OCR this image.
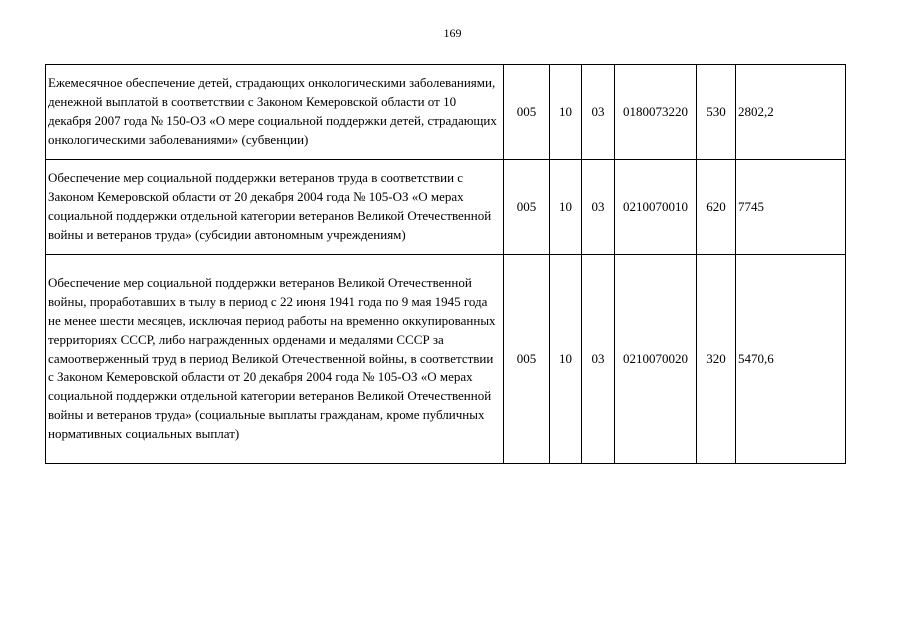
169
Ежемесячное обеспечение детей, страдающих онкологическими заболеваниями, денежной выплатой в соответствии с Законом Кемеровской области от 10 декабря 2007 года № 150-ОЗ «О мере социальной поддержки детей, страдающих онкологическими заболеваниями» (субвенции)	005	10	03	0180073220	530	2802,2
Обеспечение мер социальной поддержки ветеранов труда в соответствии с Законом Кемеровской области от 20 декабря 2004 года № 105-ОЗ «О мерах социальной поддержки отдельной категории ветеранов Великой Отечественной войны и ветеранов труда» (субсидии автономным учреждениям)	005	10	03	0210070010	620	7745
Обеспечение мер социальной поддержки ветеранов Великой Отечественной войны, проработавших в тылу в период с 22 июня 1941 года по 9 мая 1945 года не менее шести месяцев, исключая период работы на временно оккупированных территориях СССР, либо награжденных орденами и медалями СССР за самоотверженный труд в период Великой Отечественной войны, в соответствии с Законом Кемеровской области от 20 декабря 2004 года № 105-ОЗ «О мерах социальной поддержки отдельной категории ветеранов Великой Отечественной войны и ветеранов труда» (социальные выплаты гражданам, кроме публичных нормативных социальных выплат)	005	10	03	0210070020	320	5470,6
